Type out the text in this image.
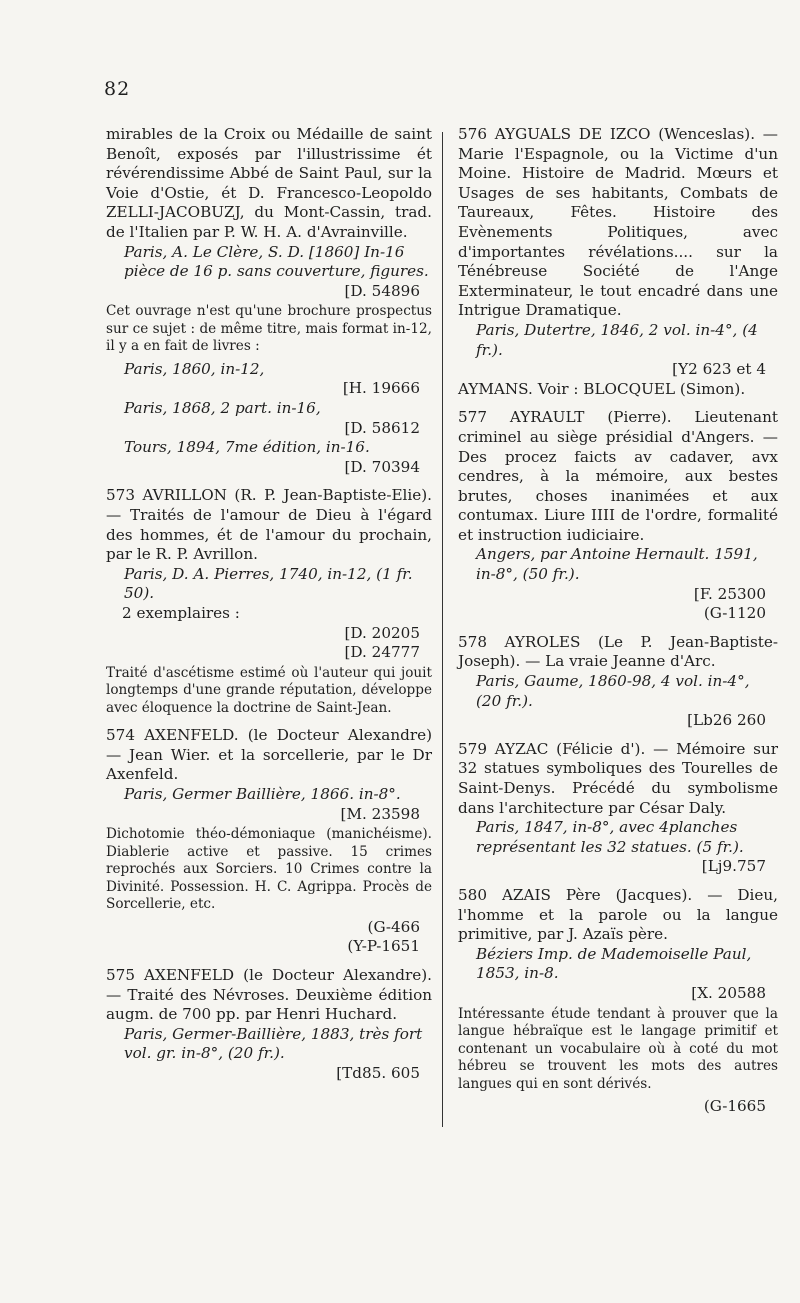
82

mirables de la Croix ou Médaille de saint Benoît, exposés par l'illustrissime ét révérendissime Abbé de Saint Paul, sur la Voie d'Ostie, ét D. Francesco-Leopoldo ZELLI-JACOBUZJ, du Mont-Cassin, trad. de l'Italien par P. W. H. A. d'Avrainville.

Paris, A. Le Clère, S. D. [1860] In-16 pièce de 16 p. sans couverture, figures.

[D. 54896

Cet ouvrage n'est qu'une brochure prospectus sur ce sujet : de même titre, mais format in-12, il y a en fait de livres :

Paris, 1860, in-12,

[H. 19666

Paris, 1868, 2 part. in-16,

[D. 58612

Tours, 1894, 7me édition, in-16.

[D. 70394

573 AVRILLON (R. P. Jean-Baptiste-Elie). — Traités de l'amour de Dieu à l'égard des hommes, ét de l'amour du prochain, par le R. P. Avrillon.

Paris, D. A. Pierres, 1740, in-12, (1 fr. 50).

2 exemplaires :

[D. 20205

[D. 24777

Traité d'ascétisme estimé où l'auteur qui jouit longtemps d'une grande réputation, développe avec éloquence la doctrine de Saint-Jean.

574 AXENFELD. (le Docteur Alexandre) — Jean Wier. et la sorcellerie, par le Dr Axenfeld.

Paris, Germer Baillière, 1866. in-8°.

[M. 23598

Dichotomie théo-démoniaque (manichéisme). Diablerie active et passive. 15 crimes reprochés aux Sorciers. 10 Crimes contre la Divinité. Possession. H. C. Agrippa. Procès de Sorcellerie, etc.

(G-466

(Y-P-1651

575 AXENFELD (le Docteur Alexandre). — Traité des Névroses. Deuxième édition augm. de 700 pp. par Henri Huchard.

Paris, Germer-Baillière, 1883, très fort vol. gr. in-8°, (20 fr.).

[Td85. 605

576 AYGUALS DE IZCO (Wenceslas). — Marie l'Espagnole, ou la Victime d'un Moine. Histoire de Madrid. Mœurs et Usages de ses habitants, Combats de Taureaux, Fêtes. Histoire des Evènements Politiques, avec d'importantes révélations.... sur la Ténébreuse Société de l'Ange Exterminateur, le tout encadré dans une Intrigue Dramatique.

Paris, Dutertre, 1846, 2 vol. in-4°, (4 fr.).

[Y2 623 et 4

AYMANS. Voir : BLOCQUEL (Simon).

577 AYRAULT (Pierre). Lieutenant criminel au siège présidial d'Angers. — Des procez faicts av cadaver, avx cendres, à la mémoire, aux bestes brutes, choses inanimées et aux contumax. Liure IIII de l'ordre, formalité et instruction iudiciaire.

Angers, par Antoine Hernault. 1591, in-8°, (50 fr.).

[F. 25300

(G-1120

578 AYROLES (Le P. Jean-Baptiste-Joseph). — La vraie Jeanne d'Arc.

Paris, Gaume, 1860-98, 4 vol. in-4°, (20 fr.).

[Lb26 260

579 AYZAC (Félicie d'). — Mémoire sur 32 statues symboliques des Tourelles de Saint-Denys. Précédé du symbolisme dans l'architecture par César Daly.

Paris, 1847, in-8°, avec 4planches représentant les 32 statues. (5 fr.).

[Lj9.757

580 AZAIS Père (Jacques). — Dieu, l'homme et la parole ou la langue primitive, par J. Azaïs père.

Béziers Imp. de Mademoiselle Paul, 1853, in-8.

[X. 20588

Intéressante étude tendant à prouver que la langue hébraïque est le langage primitif et contenant un vocabulaire où à coté du mot hébreu se trouvent les mots des autres langues qui en sont dérivés.

(G-1665
